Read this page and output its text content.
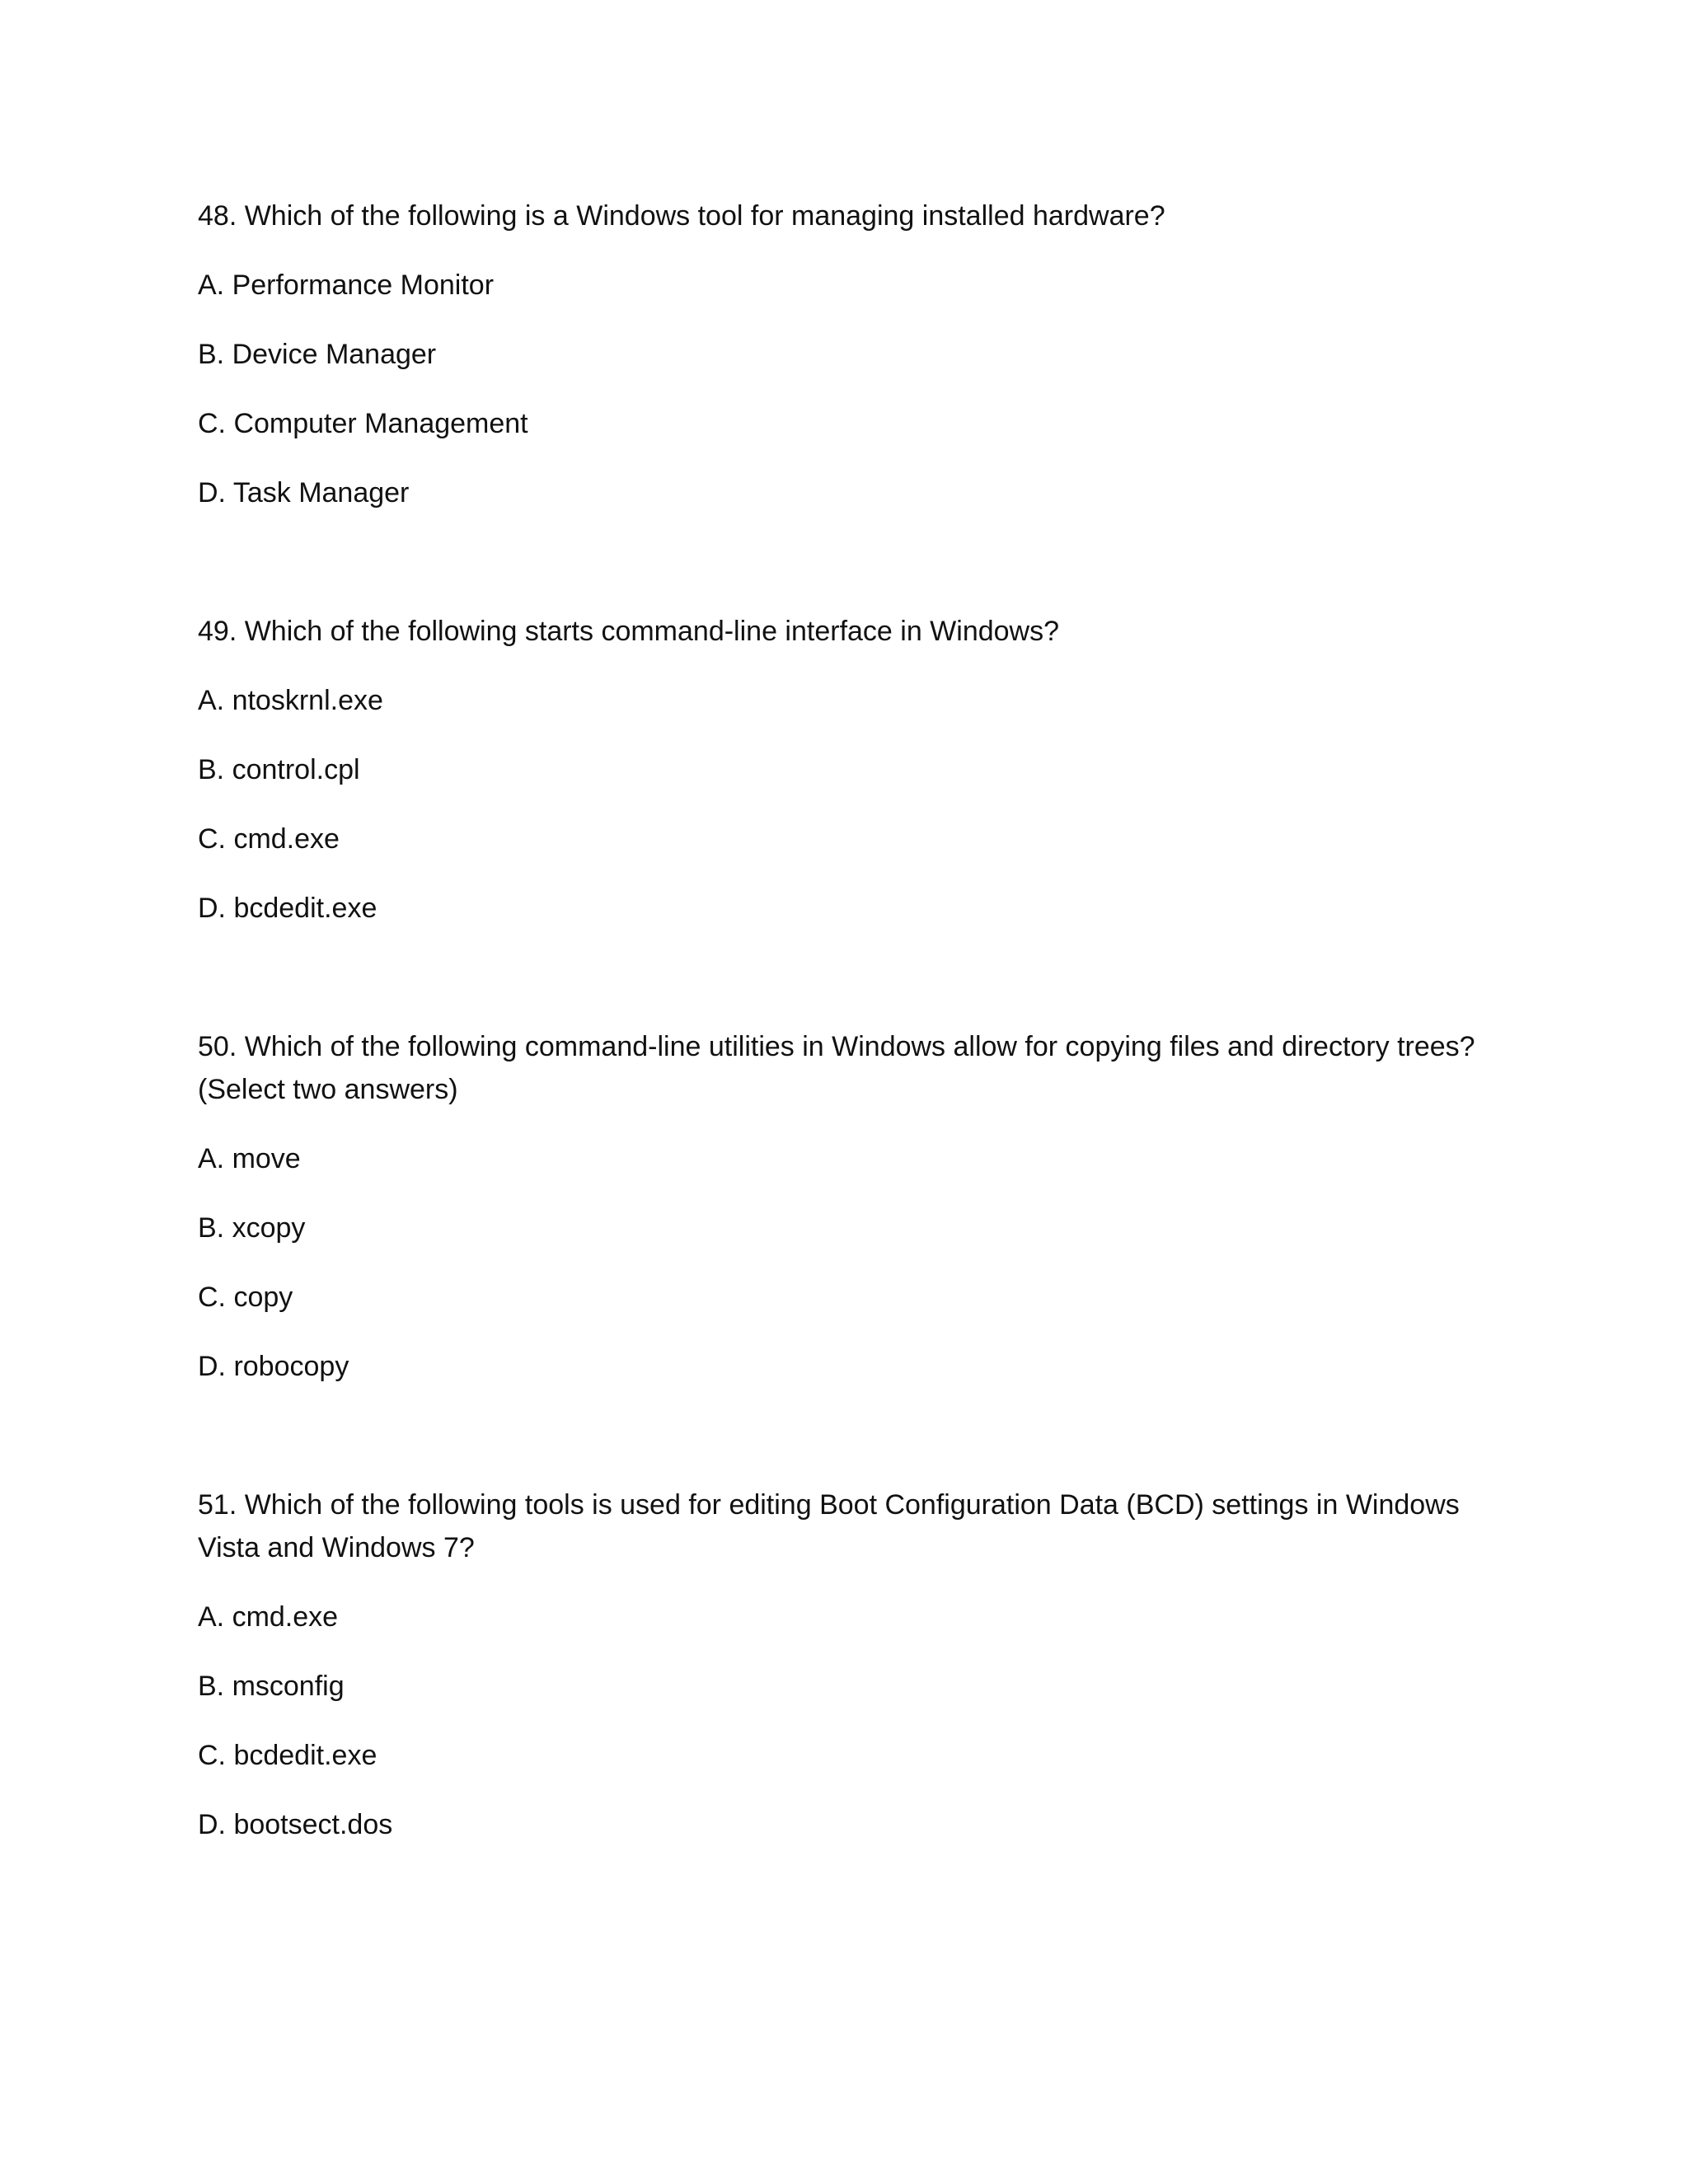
48. Which of the following is a Windows tool for managing installed hardware?

A. Performance Monitor

B. Device Manager

C. Computer Management

D. Task Manager

49. Which of the following starts command-line interface in Windows?

A. ntoskrnl.exe

B. control.cpl

C. cmd.exe

D. bcdedit.exe

50. Which of the following command-line utilities in Windows allow for copying files and directory trees?

(Select two answers)

A. move

B. xcopy

C. copy

D. robocopy

51. Which of the following tools is used for editing Boot Configuration Data (BCD) settings in Windows

Vista and Windows 7?

A. cmd.exe

B. msconfig

C. bcdedit.exe

D. bootsect.dos
